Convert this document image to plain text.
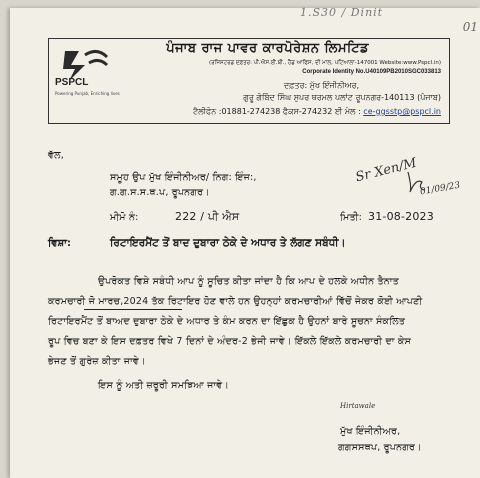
1.S30 / Dinit
01
PSPCL
Powering Punjab, Enriching lives
ਪੰਜਾਬ ਰਾਜ ਪਾਵਰ ਕਾਰਪੋਰੇਸ਼ਨ ਲਿਮਟਿਡ
(ਰਜਿਸਟਰਡ ਦਫ਼ਤਰ: ਪੀ.ਐਸ.ਈ.ਬੀ., ਹੈਡ ਆਫਿਸ, ਦੀ ਮਾਲ, ਪਟਿਆਲਾ-147001 Website:www.Pspcl.in)
Corporate Identity No.U40109PB2010SGC033813
ਦਫ਼ਤਰ: ਮੁੱਖ ਇੰਜੀਨੀਅਰ,
ਗੁਰੂ ਗੋਬਿੰਦ ਸਿੰਘ ਸੁਪਰ ਥਰਮਲ ਪਲਾਂਟ ਰੂਪਨਗਰ-140113 (ਪੰਜਾਬ)
ਟੈਲੀਫੋਨ :01881-274238 ਫੈਕਸ-274232 ਈ ਮੇਲ : ce-ggsstp@pspcl.in
ਵੱਲ,
ਸਮੂਹ ਉਪ ਮੁੱਖ ਇੰਜੀਨੀਅਰ/ ਨਿਗ: ਇੰਜ:,
ਗ.ਗ.ਸ.ਸ.ਥ.ਪ, ਰੂਪਨਗਰ।
Sr Xen/M
01/09/23
ਮੀਮੋ ਨੰ:	222 / ਪੀ ਐਸ	ਮਿਤੀ: 31-08-2023
ਵਿਸ਼ਾ:	ਰਿਟਾਇਰਮੈਂਟ ਤੋਂ ਬਾਦ ਦੁਬਾਰਾ ਠੇਕੇ ਦੇ ਅਧਾਰ ਤੇ ਲੱਗਣ ਸਬੰਧੀ।
ਉਪਰੋਕਤ ਵਿਸ਼ੇ ਸਬੰਧੀ ਆਪ ਨੂੰ ਸੂਚਿਤ ਕੀਤਾ ਜਾਂਦਾ ਹੈ ਕਿ ਆਪ ਦੇ ਹਲਕੇ ਅਧੀਨ ਤੈਨਾਤ
ਕਰਮਚਾਰੀ ਜੋ ਮਾਰਚ,2024 ਤੱਕ ਰਿਟਾਇਰ ਹੋਣ ਵਾਲੇ ਹਨ ਉਹਨ੍ਹਾਂ ਕਰਮਚਾਰੀਆਂ ਵਿੱਚੋਂ ਜੇਕਰ ਕੋਈ ਆਪਣੀ
ਰਿਟਾਇਰਮੈਂਟ ਤੋਂ ਬਾਅਦ ਦੁਬਾਰਾ ਠੇਕੇ ਦੇ ਅਧਾਰ ਤੇ ਕੰਮ ਕਰਨ ਦਾ ਇੱਛੁਕ ਹੈ ਉਹਨਾਂ ਬਾਰੇ ਸੂਚਨਾ ਸੰਕਲਿਤ
ਰੂਪ ਵਿਚ ਬਣਾ ਕੇ ਇਸ ਦਫ਼ਤਰ ਵਿਖੇ 7 ਦਿਨਾਂ ਦੇ ਅੰਦਰ-2 ਭੇਜੀ ਜਾਵੇ। ਇੱਕਲੇ ਇੱਕਲੇ ਕਰਮਚਾਰੀ ਦਾ ਕੇਸ
ਭੇਜਣ ਤੋਂ ਗੁਰੇਜ਼ ਕੀਤਾ ਜਾਵੇ।
ਇਸ ਨੂੰ ਅਤੀ ਜ਼ਰੂਰੀ ਸਮਝਿਆ ਜਾਵੇ।
Hirtawale
ਮੁੱਖ ਇੰਜੀਨੀਅਰ,
ਗਗਸਸਥਪ, ਰੂਪਨਗਰ।
